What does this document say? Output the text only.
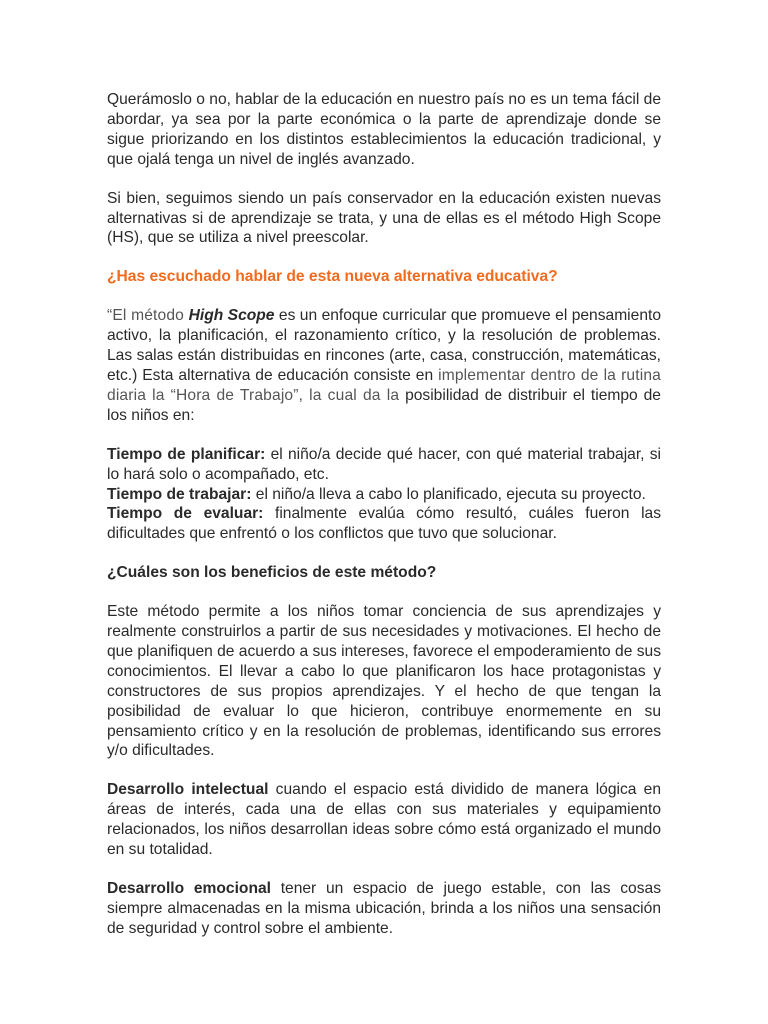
Querámoslo o no, hablar de la educación en nuestro país no es un tema fácil de abordar, ya sea por la parte económica o la parte de aprendizaje donde se sigue priorizando en los distintos establecimientos la educación tradicional, y que ojalá tenga un nivel de inglés avanzado.

Si bien, seguimos siendo un país conservador en la educación existen nuevas alternativas si de aprendizaje se trata, y una de ellas es el método High Scope (HS), que se utiliza a nivel preescolar.

¿Has escuchado hablar de esta nueva alternativa educativa?

“El método High Scope es un enfoque curricular que promueve el pensamiento activo, la planificación, el razonamiento crítico, y la resolución de problemas. Las salas están distribuidas en rincones (arte, casa, construcción, matemáticas, etc.) Esta alternativa de educación consiste en implementar dentro de la rutina diaria la “Hora de Trabajo”, la cual da la posibilidad de distribuir el tiempo de los niños en:

Tiempo de planificar: el niño/a decide qué hacer, con qué material trabajar, si lo hará solo o acompañado, etc.
Tiempo de trabajar: el niño/a lleva a cabo lo planificado, ejecuta su proyecto.
Tiempo de evaluar: finalmente evalúa cómo resultó, cuáles fueron las dificultades que enfrentó o los conflictos que tuvo que solucionar.

¿Cuáles son los beneficios de este método?

Este método permite a los niños tomar conciencia de sus aprendizajes y realmente construirlos a partir de sus necesidades y motivaciones. El hecho de que planifiquen de acuerdo a sus intereses, favorece el empoderamiento de sus conocimientos. El llevar a cabo lo que planificaron los hace protagonistas y constructores de sus propios aprendizajes. Y el hecho de que tengan la posibilidad de evaluar lo que hicieron, contribuye enormemente en su pensamiento crítico y en la resolución de problemas, identificando sus errores y/o dificultades.

Desarrollo intelectual cuando el espacio está dividido de manera lógica en áreas de interés, cada una de ellas con sus materiales y equipamiento relacionados, los niños desarrollan ideas sobre cómo está organizado el mundo en su totalidad.

Desarrollo emocional tener un espacio de juego estable, con las cosas siempre almacenadas en la misma ubicación, brinda a los niños una sensación de seguridad y control sobre el ambiente.
